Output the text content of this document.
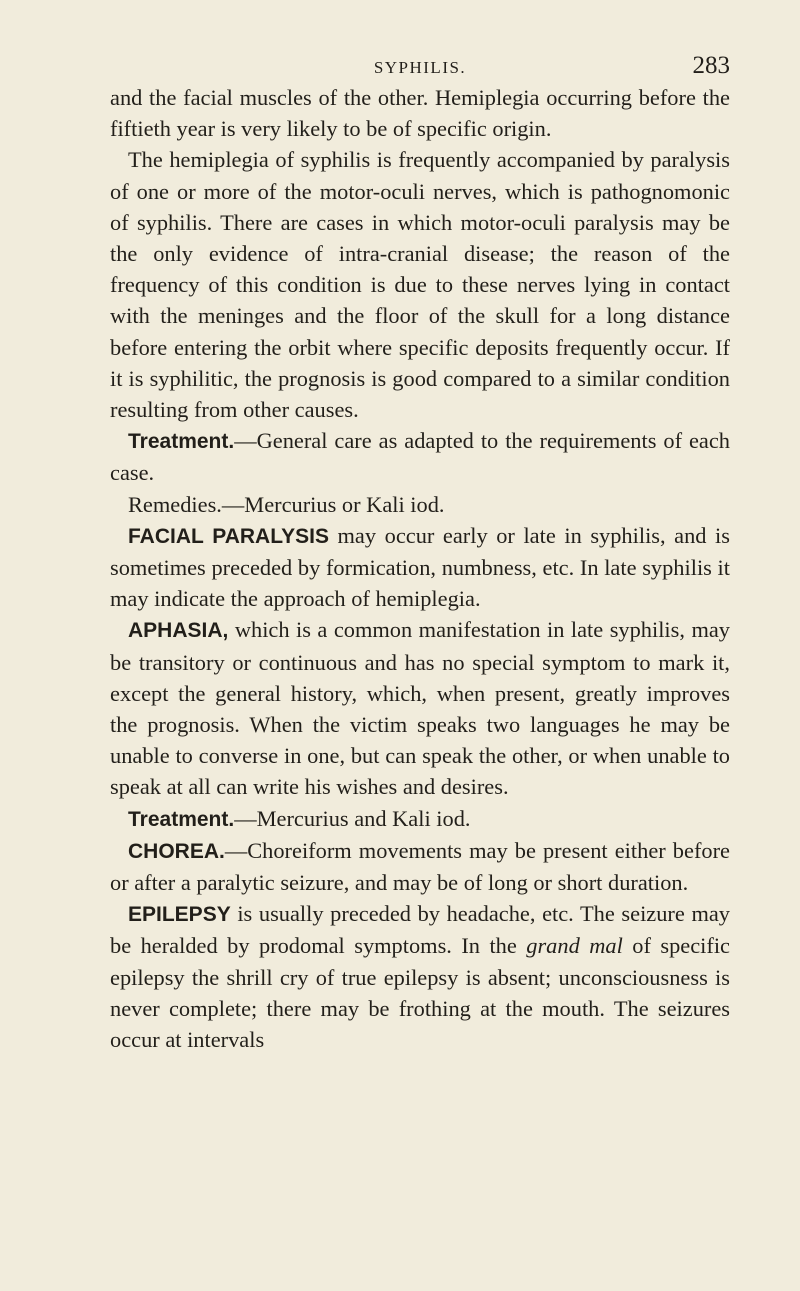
SYPHILIS.	283

and the facial muscles of the other. Hemiplegia occurring before the fiftieth year is very likely to be of specific origin.

The hemiplegia of syphilis is frequently accompanied by paralysis of one or more of the motor-oculi nerves, which is pathognomonic of syphilis. There are cases in which motor-oculi paralysis may be the only evidence of intra-cranial disease; the reason of the frequency of this condition is due to these nerves lying in contact with the meninges and the floor of the skull for a long distance before entering the orbit where specific deposits frequently occur. If it is syphilitic, the prognosis is good compared to a similar condition resulting from other causes.

Treatment.—General care as adapted to the requirements of each case.

Remedies.—Mercurius or Kali iod.

FACIAL PARALYSIS may occur early or late in syphilis, and is sometimes preceded by formication, numbness, etc. In late syphilis it may indicate the approach of hemiplegia.

APHASIA, which is a common manifestation in late syphilis, may be transitory or continuous and has no special symptom to mark it, except the general history, which, when present, greatly improves the prognosis. When the victim speaks two languages he may be unable to converse in one, but can speak the other, or when unable to speak at all can write his wishes and desires.

Treatment.—Mercurius and Kali iod.

CHOREA.—Choreiform movements may be present either before or after a paralytic seizure, and may be of long or short duration.

EPILEPSY is usually preceded by headache, etc. The seizure may be heralded by prodomal symptoms. In the grand mal of specific epilepsy the shrill cry of true epilepsy is absent; unconsciousness is never complete; there may be frothing at the mouth. The seizures occur at intervals
